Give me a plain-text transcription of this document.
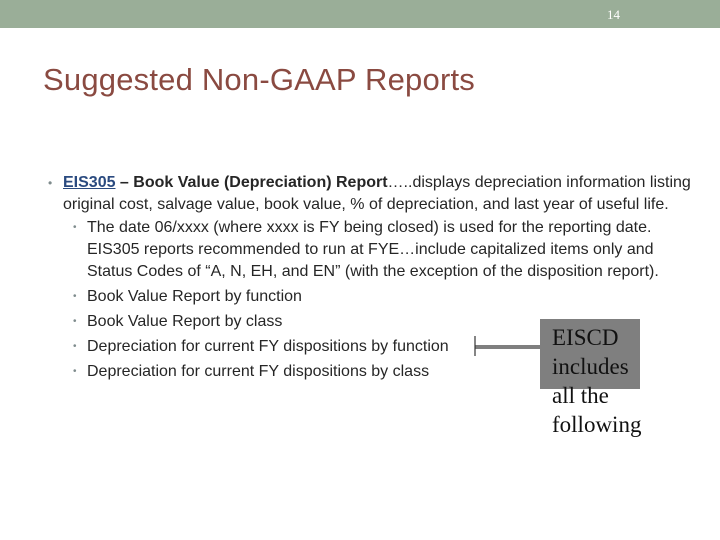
14
Suggested Non-GAAP Reports
• EIS305 – Book Value (Depreciation) Report…..displays depreciation information listing original cost, salvage value, book value, % of depreciation, and last year of useful life.
• The date 06/xxxx (where xxxx is FY being closed) is used for the reporting date. EIS305 reports recommended to run at FYE…include capitalized items only and Status Codes of “A, N, EH, and EN” (with the exception of the disposition report).
• Book Value Report by function
• Book Value Report by class
• Depreciation for current FY dispositions by function
• Depreciation for current FY dispositions by class
EISCD
includes
all the
following
